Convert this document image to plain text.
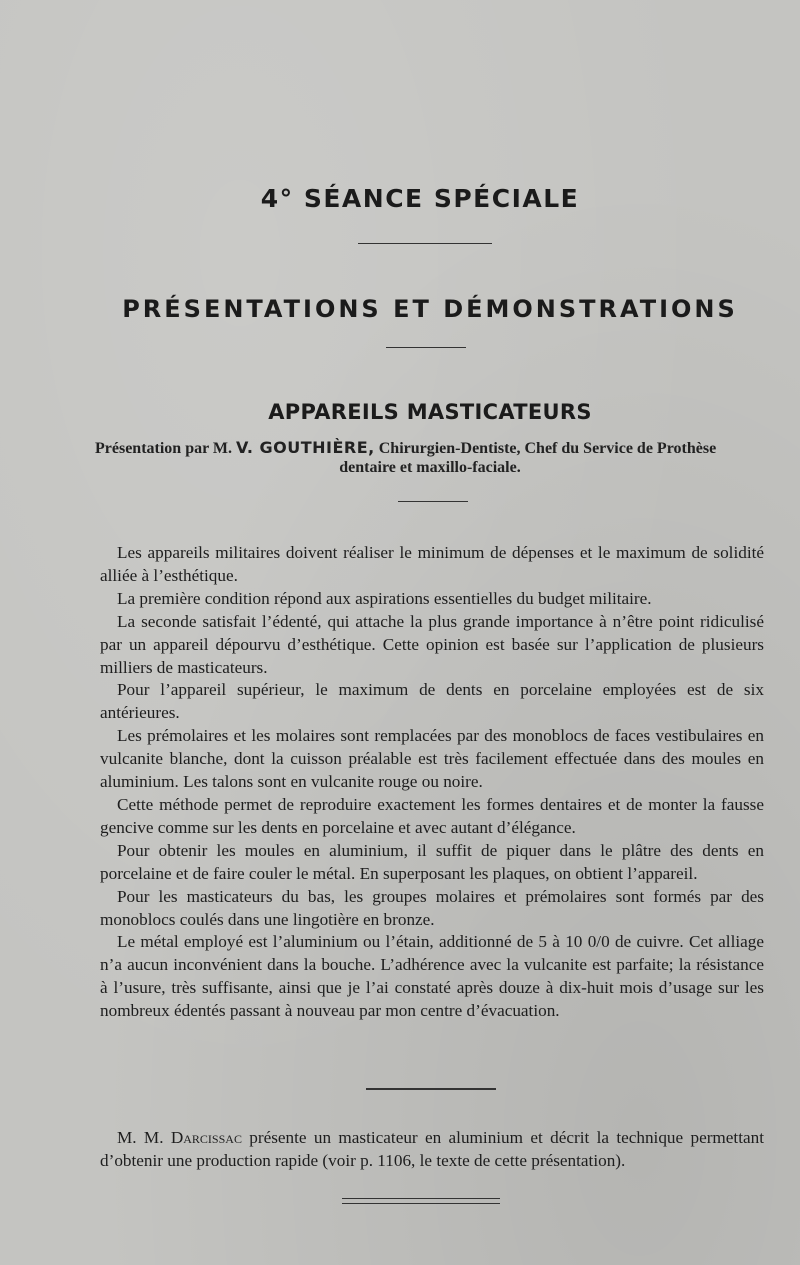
4° SÉANCE SPÉCIALE
PRÉSENTATIONS ET DÉMONSTRATIONS
APPAREILS MASTICATEURS
Présentation par M. V. GOUTHIÈRE, Chirurgien-Dentiste, Chef du Service de Prothèse
dentaire et maxillo-faciale.

Les appareils militaires doivent réaliser le minimum de dépenses et le maximum de solidité alliée à l’esthétique.

La première condition répond aux aspirations essentielles du budget militaire.

La seconde satisfait l’édenté, qui attache la plus grande importance à n’être point ridiculisé par un appareil dépourvu d’esthétique. Cette opinion est basée sur l’application de plusieurs milliers de masticateurs.

Pour l’appareil supérieur, le maximum de dents en porcelaine employées est de six antérieures.

Les prémolaires et les molaires sont remplacées par des monoblocs de faces vestibulaires en vulcanite blanche, dont la cuisson préalable est très facilement effectuée dans des moules en aluminium. Les talons sont en vulcanite rouge ou noire.

Cette méthode permet de reproduire exactement les formes dentaires et de monter la fausse gencive comme sur les dents en porcelaine et avec autant d’élégance.

Pour obtenir les moules en aluminium, il suffit de piquer dans le plâtre des dents en porcelaine et de faire couler le métal. En superposant les plaques, on obtient l’appareil.

Pour les masticateurs du bas, les groupes molaires et prémolaires sont formés par des monoblocs coulés dans une lingotière en bronze.

Le métal employé est l’aluminium ou l’étain, additionné de 5 à 10 0/0 de cuivre. Cet alliage n’a aucun inconvénient dans la bouche. L’adhérence avec la vulcanite est parfaite; la résistance à l’usure, très suffisante, ainsi que je l’ai constaté après douze à dix-huit mois d’usage sur les nombreux édentés passant à nouveau par mon centre d’évacuation.

M. M. Darcissac présente un masticateur en aluminium et décrit la technique permettant d’obtenir une production rapide (voir p. 1106, le texte de cette présentation).
